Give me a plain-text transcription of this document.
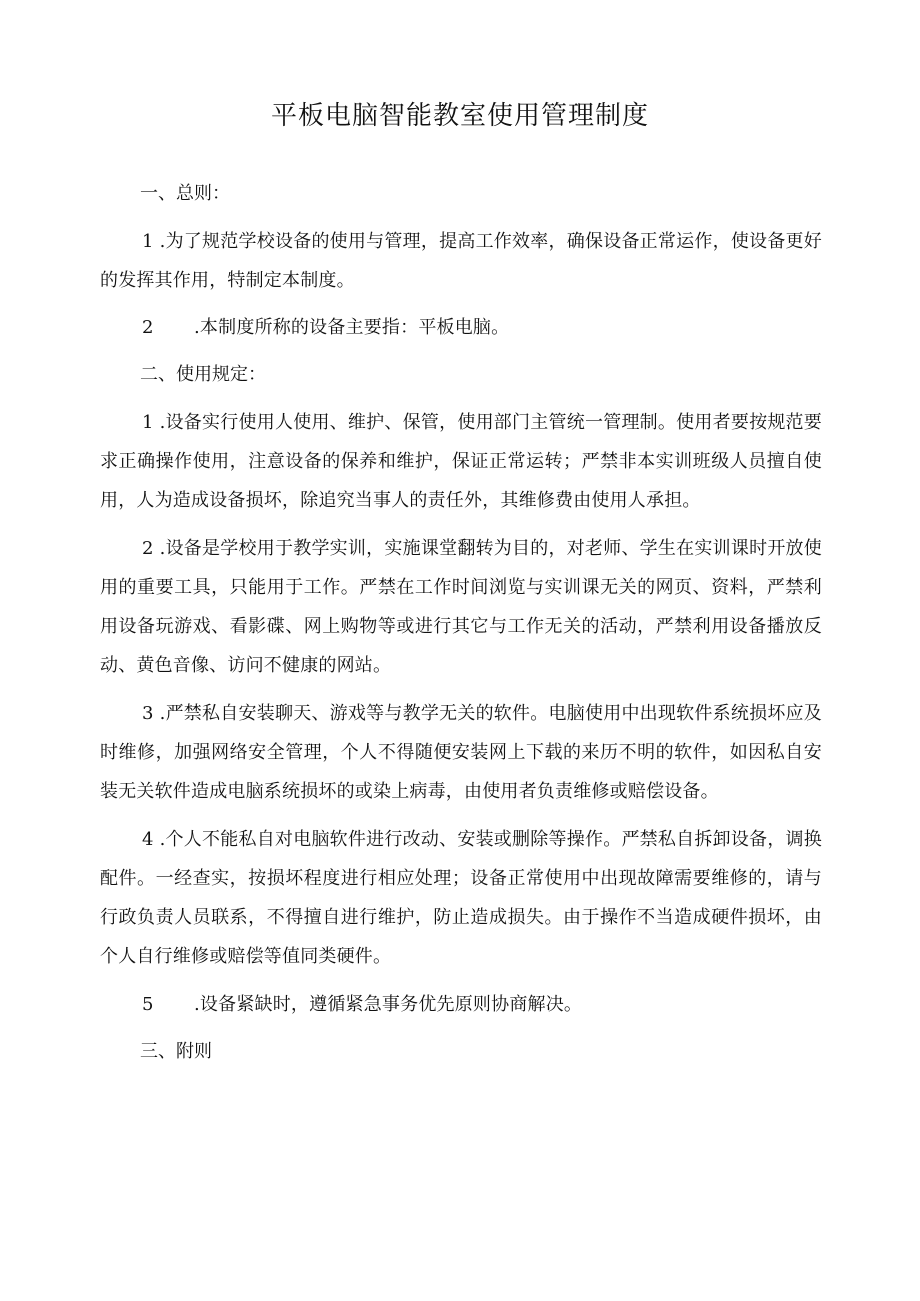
平板电脑智能教室使用管理制度
一、总则：

1 .为了规范学校设备的使用与管理，提高工作效率，确保设备正常运作，使设备更好的发挥其作用，特制定本制度。

2 .本制度所称的设备主要指：平板电脑。

二、使用规定：

1 .设备实行使用人使用、维护、保管，使用部门主管统一管理制。使用者要按规范要求正确操作使用，注意设备的保养和维护，保证正常运转；严禁非本实训班级人员擅自使用，人为造成设备损坏，除追究当事人的责任外，其维修费由使用人承担。

2 .设备是学校用于教学实训，实施课堂翻转为目的，对老师、学生在实训课时开放使用的重要工具，只能用于工作。严禁在工作时间浏览与实训课无关的网页、资料，严禁利用设备玩游戏、看影碟、网上购物等或进行其它与工作无关的活动，严禁利用设备播放反动、黄色音像、访问不健康的网站。

3 .严禁私自安装聊天、游戏等与教学无关的软件。电脑使用中出现软件系统损坏应及时维修，加强网络安全管理，个人不得随便安装网上下载的来历不明的软件，如因私自安装无关软件造成电脑系统损坏的或染上病毒，由使用者负责维修或赔偿设备。

4 .个人不能私自对电脑软件进行改动、安装或删除等操作。严禁私自拆卸设备，调换配件。一经查实，按损坏程度进行相应处理；设备正常使用中出现故障需要维修的，请与行政负责人员联系，不得擅自进行维护，防止造成损失。由于操作不当造成硬件损坏，由个人自行维修或赔偿等值同类硬件。

5 .设备紧缺时，遵循紧急事务优先原则协商解决。

三、附则
